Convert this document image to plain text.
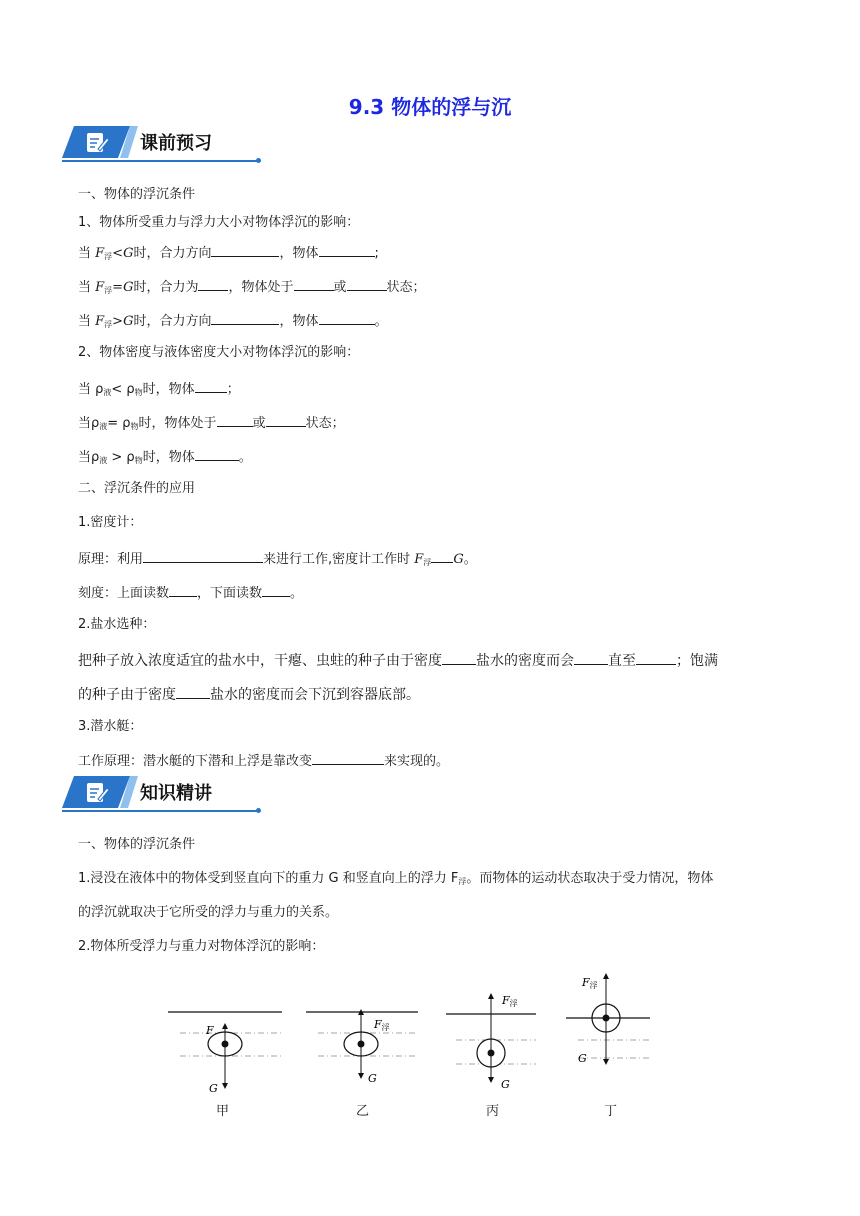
9.3 物体的浮与沉
课前预习
一、物体的浮沉条件
1、物体所受重力与浮力大小对物体浮沉的影响：
当 $F_浮<G$时，合力方向	，物体	;
当 $F_浮=G$时，合力为 ，物体处于	或	状态；
当 $F_浮>G$时，合力方向	，物体	。
2、物体密度与液体密度大小对物体浮沉的影响：
当 $\rho_液< \rho_物$时，物体 ；
当$\rho_液= \rho_物$时，物体处于	或	状态；
当$\rho_液 > \rho_物$时，物体	。
二、浮沉条件的应用
1.密度计：
原理：利用	来进行工作,密度计工作时 $F_浮$ G。
刻度：上面读数 ，下面读数 。
2.盐水选种：
把种子放入浓度适宜的盐水中，干瘪、虫蛀的种子由于密度 盐水的密度而会 直至	；饱满
的种子由于密度 盐水的密度而会下沉到容器底部。
3.潜水艇：
工作原理：潜水艇的下潜和上浮是靠改变	来实现的。
知识精讲
一、物体的浮沉条件
1.浸没在液体中的物体受到竖直向下的重力 G 和竖直向上的浮力 $F_浮$。而物体的运动状态取决于受力情况，物体
的浮沉就取决于它所受的浮力与重力的关系。
2.物体所受浮力与重力对物体浮沉的影响：
F
G
F浮
G
F浮
G
F浮
G
甲	乙	丙	丁
